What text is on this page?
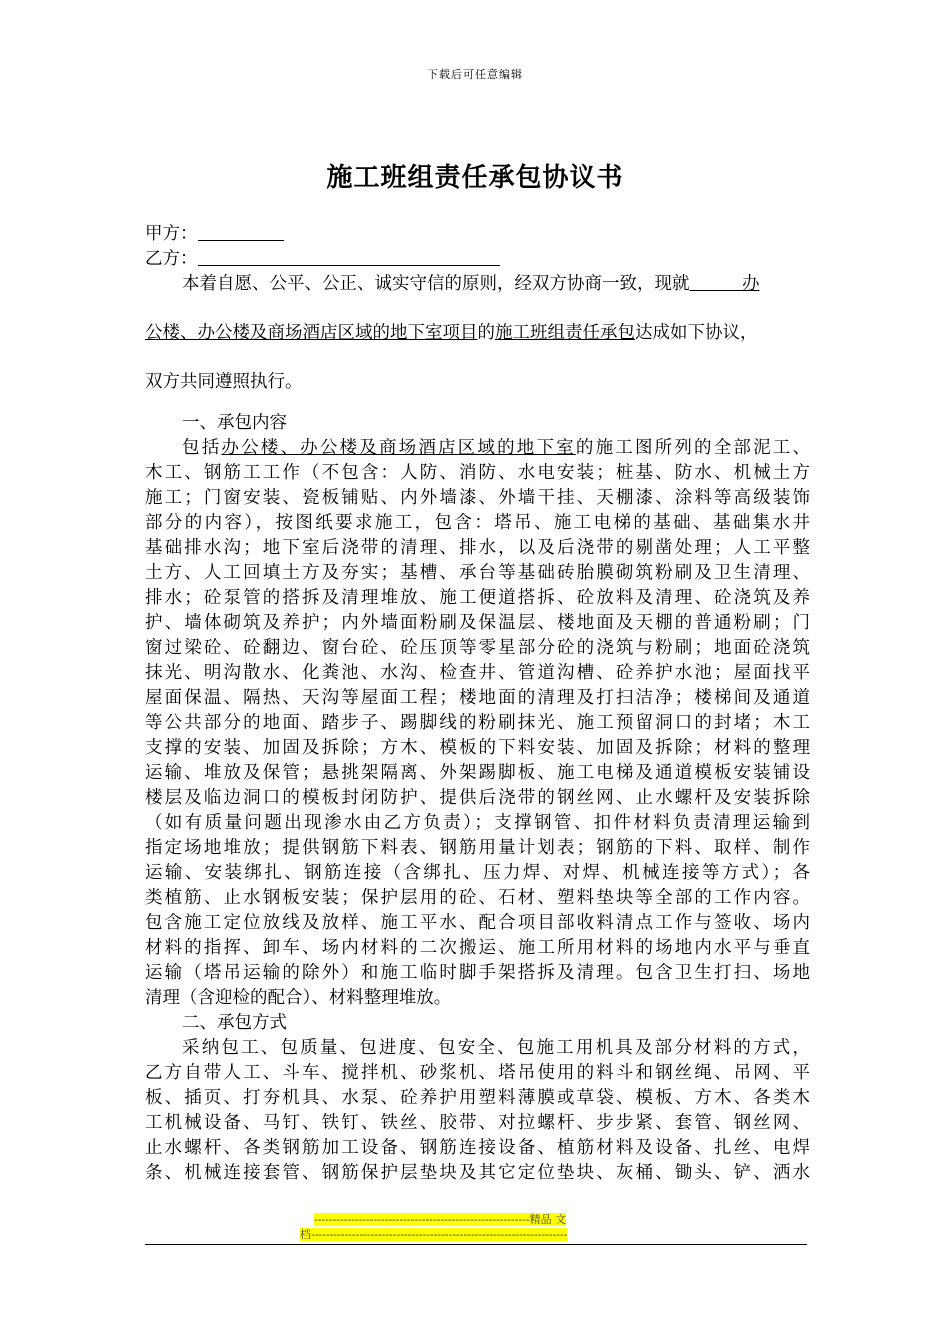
下载后可任意编辑
施工班组责任承包协议书
甲方：
乙方：
本着自愿、公平、公正、诚实守信的原则，经双方协商一致，现就　　　	办
公楼、办公楼及商场酒店区域的地下室项目的施工班组责任承包达成如下协议，
双方共同遵照执行。
一、承包内容
包括办公楼、办公楼及商场酒店区域的地下室的施工图所列的全部泥工、
木工、钢筋工工作（不包含：人防、消防、水电安装；桩基、防水、机械土方
施工；门窗安装、瓷板铺贴、内外墙漆、外墙干挂、天棚漆、涂料等高级装饰
部分的内容），按图纸要求施工，包含：塔吊、施工电梯的基础、基础集水井
基础排水沟；地下室后浇带的清理、排水，以及后浇带的剔凿处理；人工平整
土方、人工回填土方及夯实；基槽、承台等基础砖胎膜砌筑粉刷及卫生清理、
排水；砼泵管的搭拆及清理堆放、施工便道搭拆、砼放料及清理、砼浇筑及养
护、墙体砌筑及养护；内外墙面粉刷及保温层、楼地面及天棚的普通粉刷；门
窗过梁砼、砼翻边、窗台砼、砼压顶等零星部分砼的浇筑与粉刷；地面砼浇筑
抹光、明沟散水、化粪池、水沟、检查井、管道沟槽、砼养护水池；屋面找平
屋面保温、隔热、天沟等屋面工程；楼地面的清理及打扫洁净；楼梯间及通道
等公共部分的地面、踏步子、踢脚线的粉刷抹光、施工预留洞口的封堵；木工
支撑的安装、加固及拆除；方木、模板的下料安装、加固及拆除；材料的整理
运输、堆放及保管；悬挑架隔离、外架踢脚板、施工电梯及通道模板安装铺设
楼层及临边洞口的模板封闭防护、提供后浇带的钢丝网、止水螺杆及安装拆除
（如有质量问题出现渗水由乙方负责）；支撑钢管、扣件材料负责清理运输到
指定场地堆放；提供钢筋下料表、钢筋用量计划表；钢筋的下料、取样、制作
运输、安装绑扎、钢筋连接（含绑扎、压力焊、对焊、机械连接等方式）；各
类植筋、止水钢板安装；保护层用的砼、石材、塑料垫块等全部的工作内容。
包含施工定位放线及放样、施工平水、配合项目部收料清点工作与签收、场内
材料的指挥、卸车、场内材料的二次搬运、施工所用材料的场地内水平与垂直
运输（塔吊运输的除外）和施工临时脚手架搭拆及清理。包含卫生打扫、场地
清理（含迎检的配合）、材料整理堆放。
二、承包方式
采纳包工、包质量、包进度、包安全、包施工用机具及部分材料的方式，
乙方自带人工、斗车、搅拌机、砂浆机、塔吊使用的料斗和钢丝绳、吊网、平
板、插页、打夯机具、水泵、砼养护用塑料薄膜或草袋、模板、方木、各类木
工机械设备、马钉、铁钉、铁丝、胶带、对拉螺杆、步步紧、套管、钢丝网、
止水螺杆、各类钢筋加工设备、钢筋连接设备、植筋材料及设备、扎丝、电焊
条、机械连接套管、钢筋保护层垫块及其它定位垫块、灰桶、锄头、铲、洒水
----------------------------------------------------------精品 文
档---------------------------------------------------------------------
